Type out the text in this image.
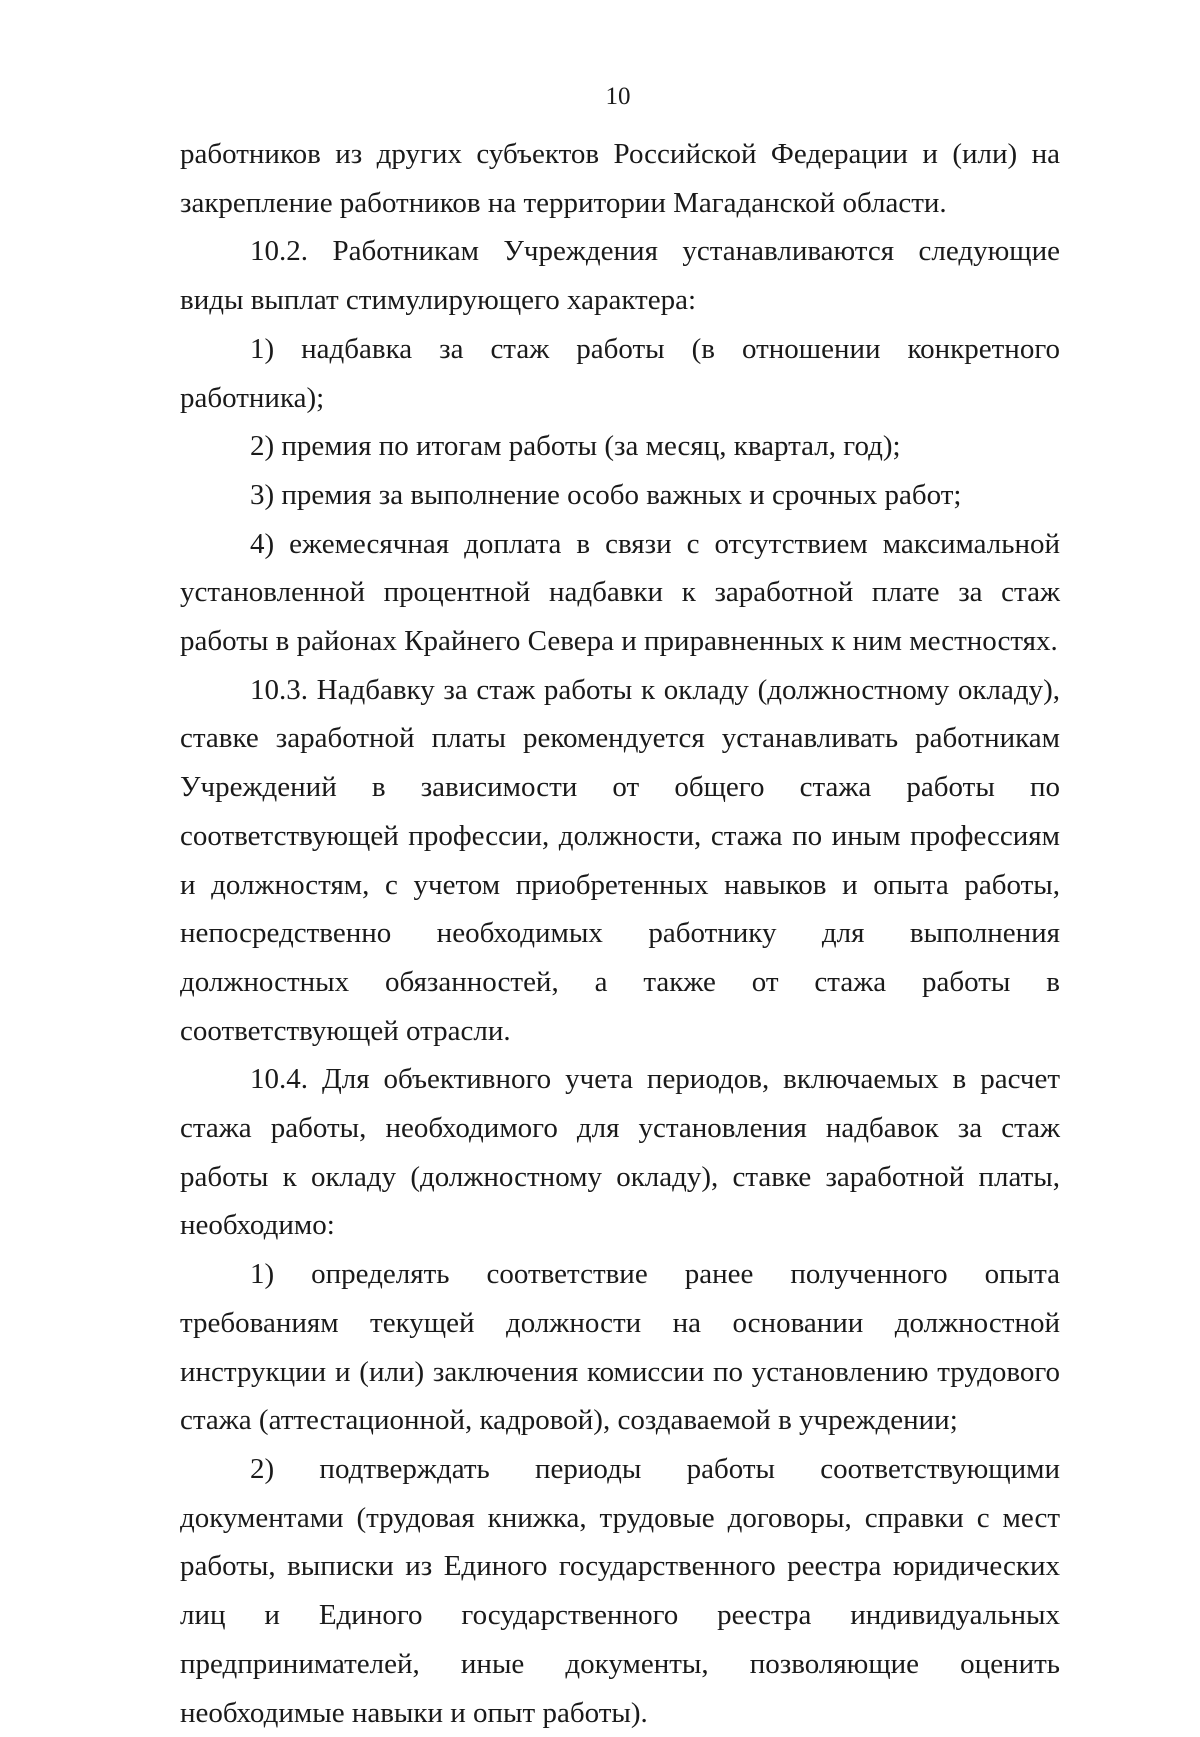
10

работников из других субъектов Российской Федерации и (или) на закрепление работников на территории Магаданской области.

10.2. Работникам Учреждения устанавливаются следующие виды выплат стимулирующего характера:

1) надбавка за стаж работы (в отношении конкретного работника);

2) премия по итогам работы (за месяц, квартал, год);

3) премия за выполнение особо важных и срочных работ;

4) ежемесячная доплата в связи с отсутствием максимальной установленной процентной надбавки к заработной плате за стаж работы в районах Крайнего Севера и приравненных к ним местностях.

10.3. Надбавку за стаж работы к окладу (должностному окладу), ставке заработной платы рекомендуется устанавливать работникам Учреждений в зависимости от общего стажа работы по соответствующей профессии, должности, стажа по иным профессиям и должностям, с учетом приобретенных навыков и опыта работы, непосредственно необходимых работнику для выполнения должностных обязанностей, а также от стажа работы в соответствующей отрасли.

10.4. Для объективного учета периодов, включаемых в расчет стажа работы, необходимого для установления надбавок за стаж работы к окладу (должностному окладу), ставке заработной платы, необходимо:

1) определять соответствие ранее полученного опыта требованиям текущей должности на основании должностной инструкции и (или) заключения комиссии по установлению трудового стажа (аттестационной, кадровой), создаваемой в учреждении;

2) подтверждать периоды работы соответствующими документами (трудовая книжка, трудовые договоры, справки с мест работы, выписки из Единого государственного реестра юридических лиц и Единого государственного реестра индивидуальных предпринимателей, иные документы, позволяющие оценить необходимые навыки и опыт работы).
